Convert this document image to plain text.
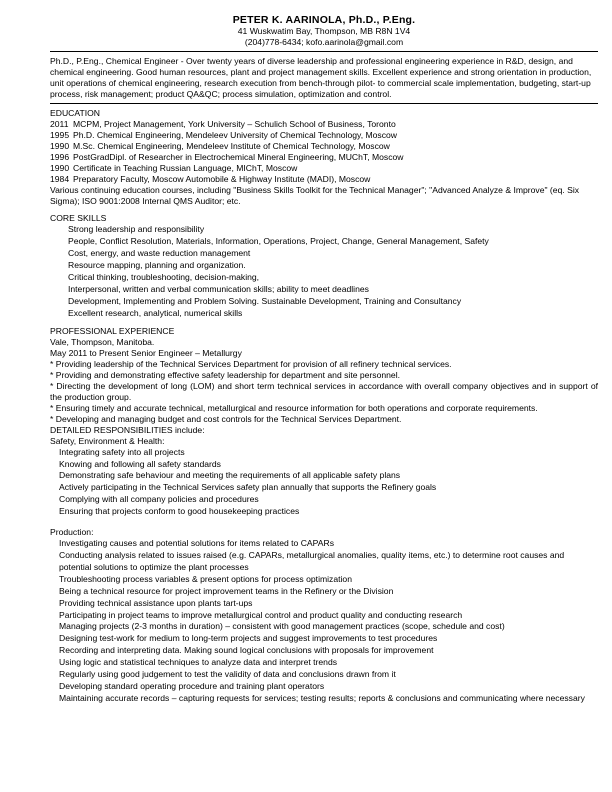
PETER K. AARINOLA, Ph.D., P.Eng.
41 Wuskwatim Bay, Thompson, MB R8N 1V4
(204)778-6434; kofo.aarinola@gmail.com
Ph.D., P.Eng., Chemical Engineer - Over twenty years of diverse leadership and professional engineering experience in R&D, design, and chemical engineering. Good human resources, plant and project management skills. Excellent experience and strong orientation in production, unit operations of chemical engineering, research execution from bench-through pilot- to commercial scale implementation, budgeting, start-up process, risk management; product QA&QC; process simulation, optimization and control.
EDUCATION
2011 MCPM, Project Management, York University – Schulich School of Business, Toronto
1995 Ph.D. Chemical Engineering, Mendeleev University of Chemical Technology, Moscow
1990 M.Sc. Chemical Engineering, Mendeleev Institute of Chemical Technology, Moscow
1996 PostGradDipl. of Researcher in Electrochemical Mineral Engineering, MUChT, Moscow
1990 Certificate in Teaching Russian Language, MIChT, Moscow
1984 Preparatory Faculty, Moscow Automobile & Highway Institute (MADI), Moscow
Various continuing education courses, including "Business Skills Toolkit for the Technical Manager"; "Advanced Analyze & Improve" (eq. Six Sigma); ISO 9001:2008 Internal QMS Auditor; etc.
CORE SKILLS
Strong leadership and responsibility
People, Conflict Resolution, Materials, Information, Operations, Project, Change, General Management, Safety
Cost, energy, and waste reduction management
Resource mapping, planning and organization.
Critical thinking, troubleshooting, decision-making,
Interpersonal, written and verbal communication skills; ability to meet deadlines
Development, Implementing and Problem Solving. Sustainable Development, Training and Consultancy
Excellent research, analytical, numerical skills
PROFESSIONAL EXPERIENCE
Vale, Thompson, Manitoba.
May 2011 to Present Senior Engineer – Metallurgy
* Providing leadership of the Technical Services Department for provision of all refinery technical services.
* Providing and demonstrating effective safety leadership for department and site personnel.
* Directing the development of long (LOM) and short term technical services in accordance with overall company objectives and in support of the production group.
* Ensuring timely and accurate technical, metallurgical and resource information for both operations and corporate requirements.
* Developing and managing budget and cost controls for the Technical Services Department.
DETAILED RESPONSIBILITIES include:
Safety, Environment & Health:
Integrating safety into all projects
Knowing and following all safety standards
Demonstrating safe behaviour and meeting the requirements of all applicable safety plans
Actively participating in the Technical Services safety plan annually that supports the Refinery goals
Complying with all company policies and procedures
Ensuring that projects conform to good housekeeping practices
Production:
Investigating causes and potential solutions for items related to CAPARs
Conducting analysis related to issues raised (e.g. CAPARs, metallurgical anomalies, quality items, etc.) to determine root causes and potential solutions to optimize the plant processes
Troubleshooting process variables & present options for process optimization
Being a technical resource for project improvement teams in the Refinery or the Division
Providing technical assistance upon plants tart-ups
Participating in project teams to improve metallurgical control and product quality and conducting research
Managing projects (2-3 months in duration) – consistent with good management practices (scope, schedule and cost)
Designing test-work for medium to long-term projects and suggest improvements to test procedures
Recording and interpreting data. Making sound logical conclusions with proposals for improvement
Using logic and statistical techniques to analyze data and interpret trends
Regularly using good judgement to test the validity of data and conclusions drawn from it
Developing standard operating procedure and training plant operators
Maintaining accurate records – capturing requests for services; testing results; reports & conclusions and communicating where necessary
